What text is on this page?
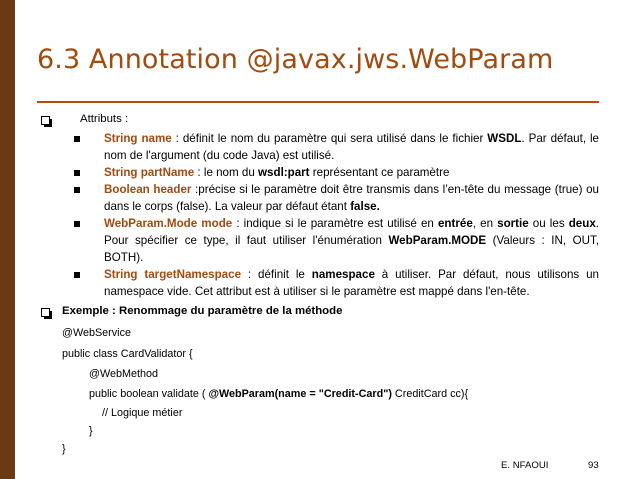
6.3 Annotation @javax.jws.WebParam
Attributs :
String name : définit le nom du paramètre qui sera utilisé dans le fichier WSDL. Par défaut, le nom de l'argument (du code Java) est utilisé.
String partName : le nom du wsdl:part représentant ce paramètre
Boolean header :précise si le paramètre doit être transmis dans l’en-tête du message (true) ou dans le corps (false). La valeur par défaut étant false.
WebParam.Mode mode : indique si le paramètre est utilisé en entrée, en sortie ou les deux. Pour spécifier ce type, il faut utiliser l'énumération WebParam.MODE (Valeurs : IN, OUT, BOTH).
String targetNamespace : définit le namespace à utiliser. Par défaut, nous utilisons un namespace vide. Cet attribut est à utiliser si le paramètre est mappé dans l'en-tête.
Exemple : Renommage du paramètre de la méthode
@WebService
public class CardValidator {
@WebMethod
public boolean validate ( @WebParam(name = "Credit-Card") CreditCard cc){
// Logique métier
}
}
E. NFAOUI	93
